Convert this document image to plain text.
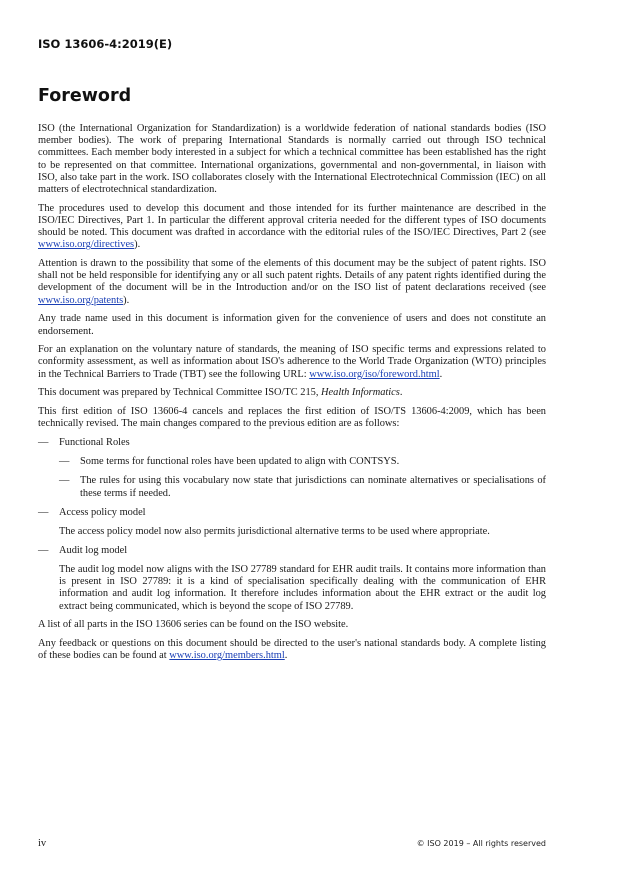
ISO 13606-4:2019(E)
Foreword

ISO (the International Organization for Standardization) is a worldwide federation of national standards bodies (ISO member bodies). The work of preparing International Standards is normally carried out through ISO technical committees. Each member body interested in a subject for which a technical committee has been established has the right to be represented on that committee. International organizations, governmental and non-governmental, in liaison with ISO, also take part in the work. ISO collaborates closely with the International Electrotechnical Commission (IEC) on all matters of electrotechnical standardization.

The procedures used to develop this document and those intended for its further maintenance are described in the ISO/IEC Directives, Part 1. In particular the different approval criteria needed for the different types of ISO documents should be noted. This document was drafted in accordance with the editorial rules of the ISO/IEC Directives, Part 2 (see www.iso.org/directives).

Attention is drawn to the possibility that some of the elements of this document may be the subject of patent rights. ISO shall not be held responsible for identifying any or all such patent rights. Details of any patent rights identified during the development of the document will be in the Introduction and/or on the ISO list of patent declarations received (see www.iso.org/patents).

Any trade name used in this document is information given for the convenience of users and does not constitute an endorsement.

For an explanation on the voluntary nature of standards, the meaning of ISO specific terms and expressions related to conformity assessment, as well as information about ISO's adherence to the World Trade Organization (WTO) principles in the Technical Barriers to Trade (TBT) see the following URL: www.iso.org/iso/foreword.html.

This document was prepared by Technical Committee ISO/TC 215, Health Informatics.

This first edition of ISO 13606-4 cancels and replaces the first edition of ISO/TS 13606-4:2009, which has been technically revised. The main changes compared to the previous edition are as follows:

—	Functional Roles
—	Some terms for functional roles have been updated to align with CONTSYS.
—	The rules for using this vocabulary now state that jurisdictions can nominate alternatives or specialisations of these terms if needed.
—	Access policy model
The access policy model now also permits jurisdictional alternative terms to be used where appropriate.
—	Audit log model
The audit log model now aligns with the ISO 27789 standard for EHR audit trails. It contains more information than is present in ISO 27789: it is a kind of specialisation specifically dealing with the communication of EHR information and audit log information. It therefore includes information about the EHR extract or the audit log extract being communicated, which is beyond the scope of ISO 27789.

A list of all parts in the ISO 13606 series can be found on the ISO website.

Any feedback or questions on this document should be directed to the user's national standards body. A complete listing of these bodies can be found at www.iso.org/members.html.

iv	© ISO 2019 – All rights reserved
